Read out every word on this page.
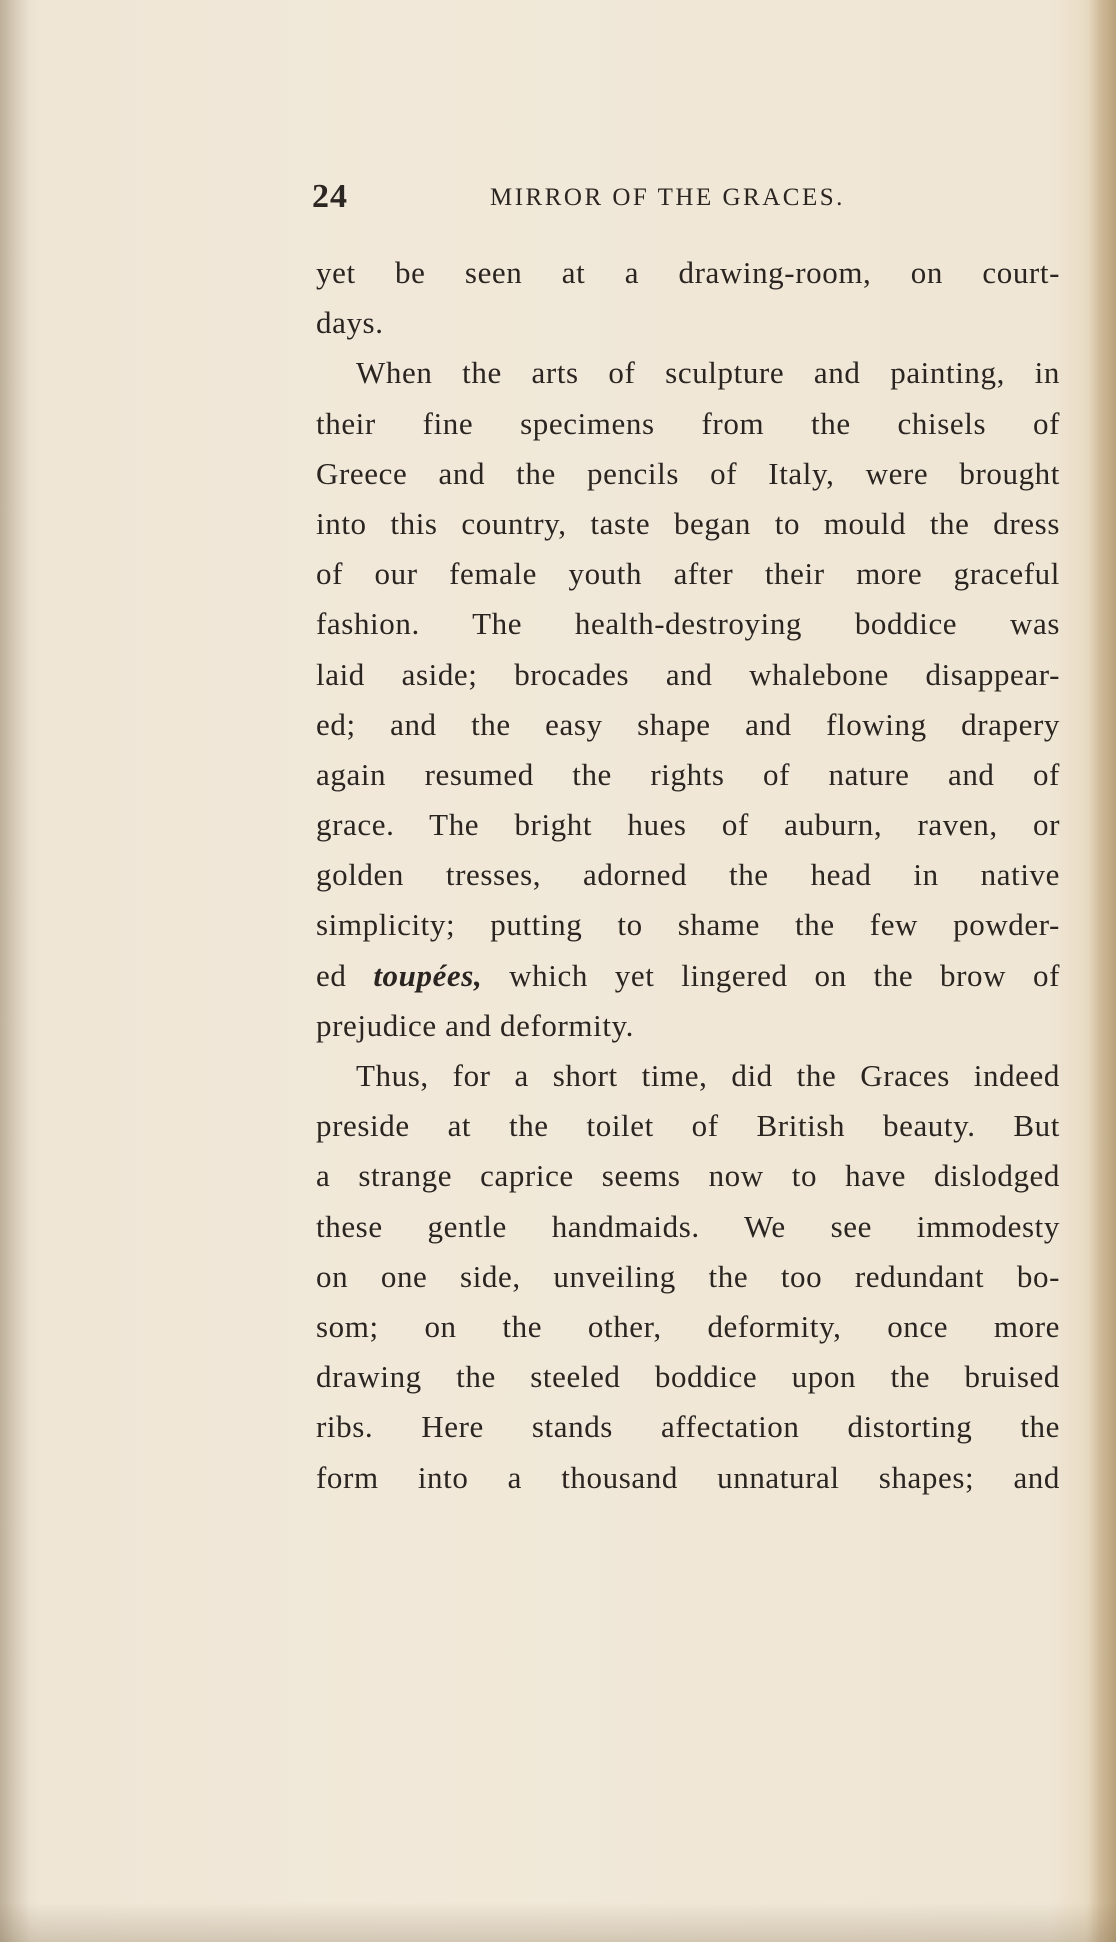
24	MIRROR OF THE GRACES.
yet be seen at a drawing-room, on court-
days.
When the arts of sculpture and painting, in
their fine specimens from the chisels of
Greece and the pencils of Italy, were brought
into this country, taste began to mould the dress
of our female youth after their more graceful
fashion. The health-destroying boddice was
laid aside; brocades and whalebone disappear-
ed; and the easy shape and flowing drapery
again resumed the rights of nature and of
grace. The bright hues of auburn, raven, or
golden tresses, adorned the head in native
simplicity; putting to shame the few powder-
ed toupées, which yet lingered on the brow of
prejudice and deformity.
Thus, for a short time, did the Graces indeed
preside at the toilet of British beauty. But
a strange caprice seems now to have dislodged
these gentle handmaids. We see immodesty
on one side, unveiling the too redundant bo-
som; on the other, deformity, once more
drawing the steeled boddice upon the bruised
ribs. Here stands affectation distorting the
form into a thousand unnatural shapes; and
